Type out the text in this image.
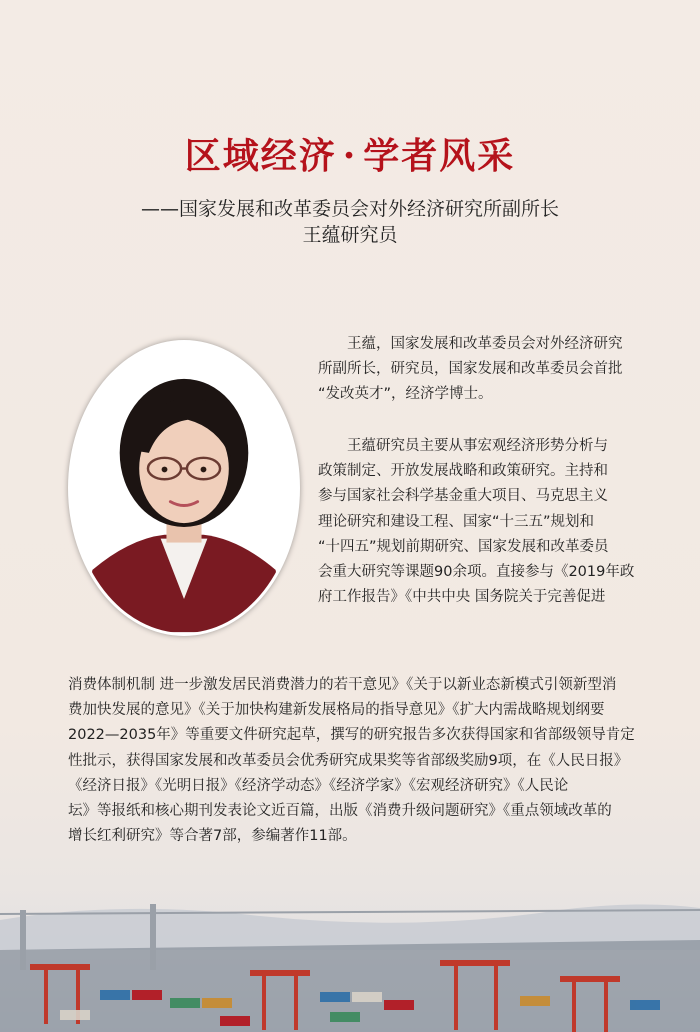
区域经济 · 学者风采
——国家发展和改革委员会对外经济研究所副所长
王蕴研究员
　　王蕴，国家发展和改革委员会对外经济研究
所副所长，研究员，国家发展和改革委员会首批
“发改英才”，经济学博士。
　　王蕴研究员主要从事宏观经济形势分析与
政策制定、开放发展战略和政策研究。主持和
参与国家社会科学基金重大项目、马克思主义
理论研究和建设工程、国家“十三五”规划和
“十四五”规划前期研究、国家发展和改革委员
会重大研究等课题90余项。直接参与《2019年政
府工作报告》《中共中央 国务院关于完善促进
消费体制机制 进一步激发居民消费潜力的若干意见》《关于以新业态新模式引领新型消
费加快发展的意见》《关于加快构建新发展格局的指导意见》《扩大内需战略规划纲要
2022—2035年》等重要文件研究起草，撰写的研究报告多次获得国家和省部级领导肯定
性批示，获得国家发展和改革委员会优秀研究成果奖等省部级奖励9项，在《人民日报》
《经济日报》《光明日报》《经济学动态》《经济学家》《宏观经济研究》《人民论
坛》等报纸和核心期刊发表论文近百篇，出版《消费升级问题研究》《重点领域改革的
增长红利研究》等合著7部，参编著作11部。
